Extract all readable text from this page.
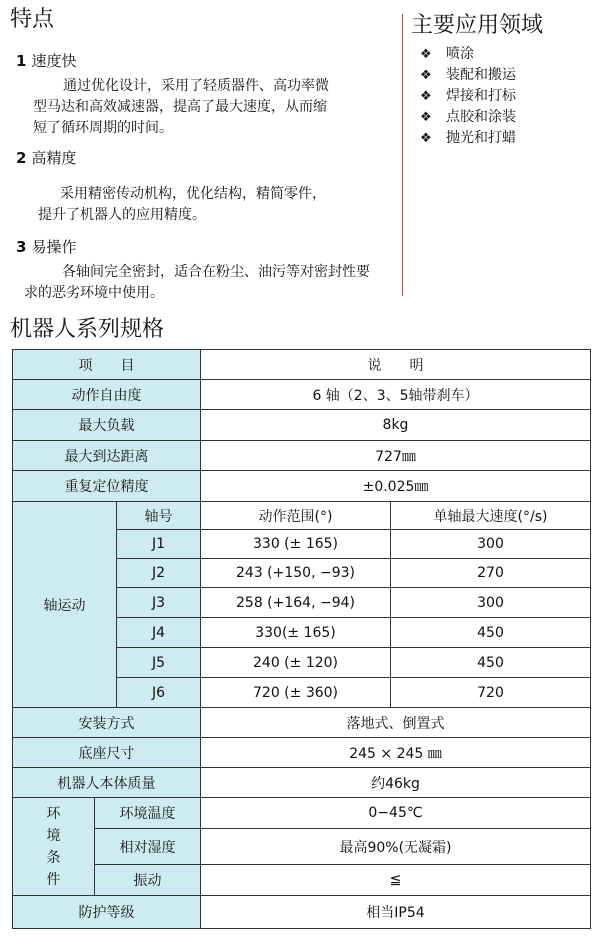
特点
1 速度快
通过优化设计，采用了轻质器件、高功率微
型马达和高效减速器，提高了最大速度，从而缩
短了循环周期的时间。
2 高精度
采用精密传动机构，优化结构，精简零件，
提升了机器人的应用精度。
3 易操作
各轴间完全密封，适合在粉尘、油污等对密封性要
求的恶劣环境中使用。
主要应用领域
❖ 喷涂
❖ 装配和搬运
❖ 焊接和打标
❖ 点胶和涂装
❖ 抛光和打蜡
机器人系列规格
项　　目			说　　明	
动作自由度			6 轴（2、3、5轴带刹车）	
最大负载			8kg	
最大到达距离			727㎜	
重复定位精度			±0.025㎜	
轴运动		轴号	动作范围(°)	单轴最大速度(°/s)
		J1	330 (± 165)	300
		J2	243 (+150, −93)	270
		J3	258 (+164, −94)	300
		J4	330(± 165)	450
		J5	240 (± 120)	450
		J6	720 (± 360)	720
安装方式			落地式、倒置式	
底座尺寸			245 × 245 ㎜	
机器人本体质量			约46kg	

环
境
条
件	环境温度		0−45℃	
	相对湿度		最高90%(无凝霜)	
	振动		≦	
防护等级			相当IP54	
